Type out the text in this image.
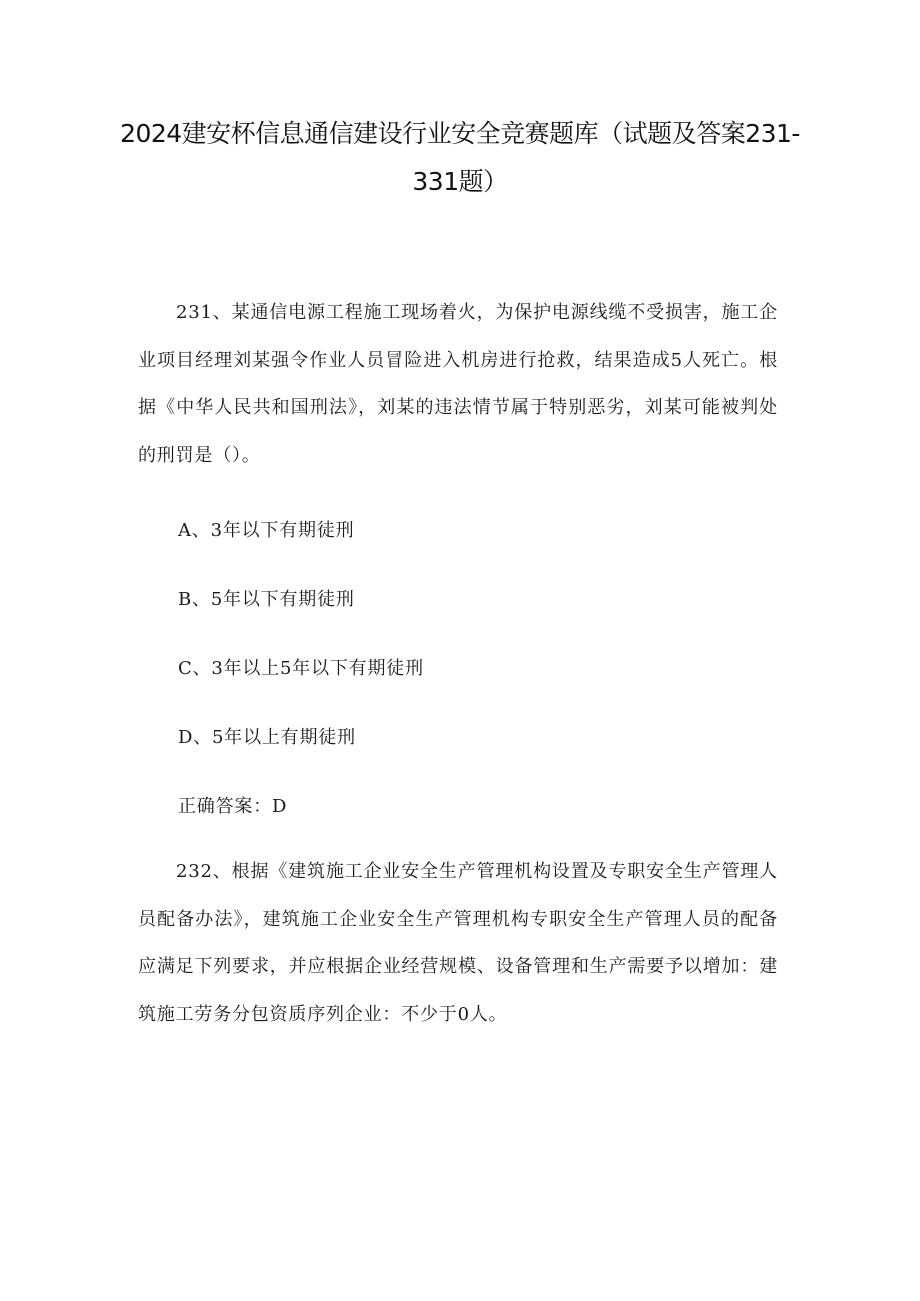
2024建安杯信息通信建设行业安全竞赛题库（试题及答案231-331题）

231、某通信电源工程施工现场着火，为保护电源线缆不受损害，施工企业项目经理刘某强令作业人员冒险进入机房进行抢救，结果造成5人死亡。根据《中华人民共和国刑法》，刘某的违法情节属于特别恶劣，刘某可能被判处的刑罚是（）。

A、3年以下有期徒刑
B、5年以下有期徒刑
C、3年以上5年以下有期徒刑
D、5年以上有期徒刑
正确答案：D

232、根据《建筑施工企业安全生产管理机构设置及专职安全生产管理人员配备办法》，建筑施工企业安全生产管理机构专职安全生产管理人员的配备应满足下列要求，并应根据企业经营规模、设备管理和生产需要予以增加：建筑施工劳务分包资质序列企业：不少于0人。
